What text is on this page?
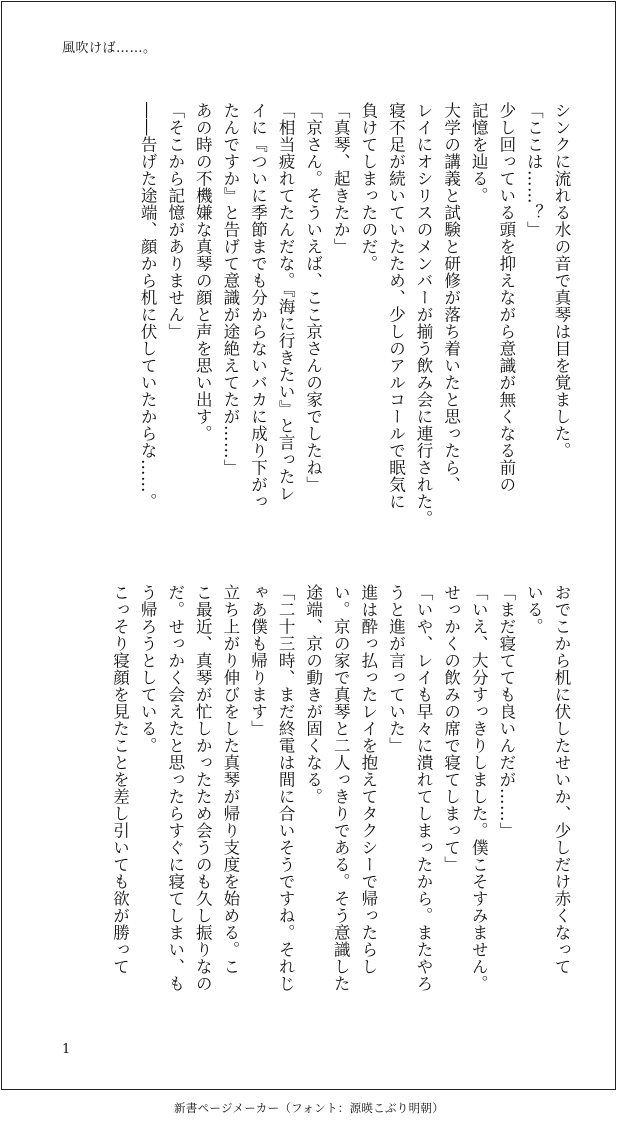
風吹けば……。
シンクに流れる水の音で真琴は目を覚ました。
「ここは……？」
少し回っている頭を抑えながら意識が無くなる前の
記憶を辿る。
大学の講義と試験と研修が落ち着いたと思ったら、
レイにオシリスのメンバーが揃う飲み会に連行された。
寝不足が続いていたため、少しのアルコールで眠気に
負けてしまったのだ。
「真琴、起きたか」
「京さん。そういえば、ここ京さんの家でしたね」
「相当疲れてたんだな。『海に行きたい』と言ったレ
イに『ついに季節までも分からないバカに成り下がっ
たんですか』と告げて意識が途絶えてたが……」
あの時の不機嫌な真琴の顔と声を思い出す。
「そこから記憶がありません」
――告げた途端、顔から机に伏していたからな……。
おでこから机に伏したせいか、少しだけ赤くなって
いる。
「まだ寝てても良いんだが……」
「いえ、大分すっきりしました。僕こそすみません。
せっかくの飲みの席で寝てしまって」
「いや、レイも早々に潰れてしまったから。またやろ
うと進が言っていた」
進は酔っ払ったレイを抱えてタクシーで帰ったらし
い。京の家で真琴と二人っきりである。そう意識した
途端、京の動きが固くなる。
「二十三時、まだ終電は間に合いそうですね。それじ
ゃあ僕も帰ります」
立ち上がり伸びをした真琴が帰り支度を始める。こ
こ最近、真琴が忙しかったため会うのも久し振りなの
だ。せっかく会えたと思ったらすぐに寝てしまい、も
う帰ろうとしている。
こっそり寝顔を見たことを差し引いても欲が勝って
1
新書ページメーカー（フォント：源暎こぶり明朝）
